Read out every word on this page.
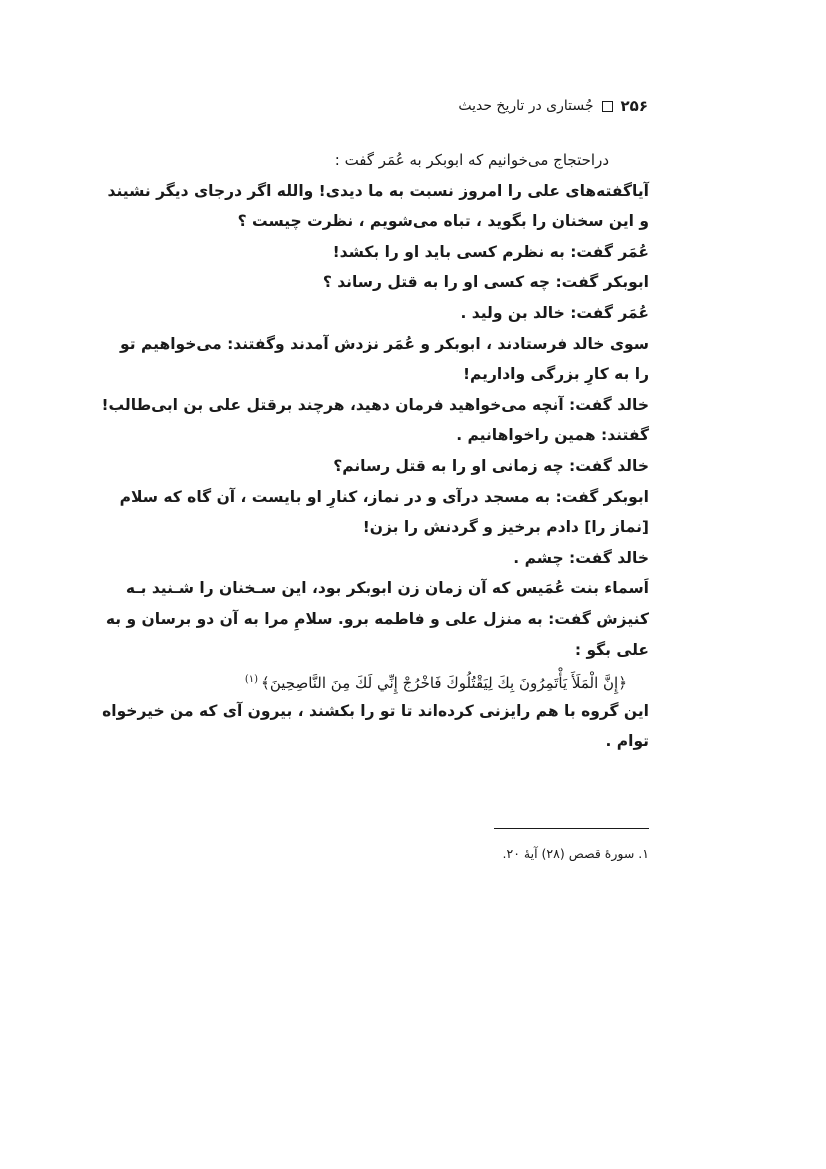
۲۵۶
جُستاری در تاریخ حدیث
دراحتجاج می‌خوانیم که ابوبکر به عُمَر گفت :
آیاگفته‌های علی را امروز نسبت به ما دیدی! والله اگر درجای دیگر نشیند
و این سخنان را بگوید ، تباه می‌شویم ، نظرت چیست ؟
عُمَر گفت: به نظرم کسی باید او را بکشد!
ابوبکر گفت: چه کسی او را به قتل رساند ؟
عُمَر گفت: خالد بن ولید .
سوی خالد فرستادند ، ابوبکر و عُمَر نزدش آمدند وگفتند: می‌خواهیم تو
را به کارِ بزرگی واداریم!
خالد گفت: آنچه می‌خواهید فرمان دهید، هرچند برقتل علی بن ابی‌طالب!
گفتند: همین راخواهانیم .
خالد گفت: چه زمانی او را به قتل رسانم؟
ابوبکر گفت: به مسجد درآی و در نماز، کنارِ او بایست ، آن گاه که سلام
[نماز را] دادم برخیز و گردنش را بزن!
خالد گفت: چشم .
اَسماء بنت عُمَیس که آن زمان زن ابوبکر بود، این سـخنان را شـنید بـه
کنیزش گفت: به منزل علی و فاطمه برو. سلامِ مرا به آن دو برسان و به
علی بگو :
﴿إِنَّ الْمَلَأَ يَأْتَمِرُونَ بِكَ لِيَقْتُلُوكَ فَاخْرُجْ إِنِّي لَكَ مِنَ النَّاصِحِينَ﴾$^{(۱)}$
این گروه با هم رایزنی کرده‌اند تا تو را بکشند ، بیرون آی که من خیرخواه
توام .
۱. سورهٔ قصص (۲۸) آیهٔ ۲۰.
